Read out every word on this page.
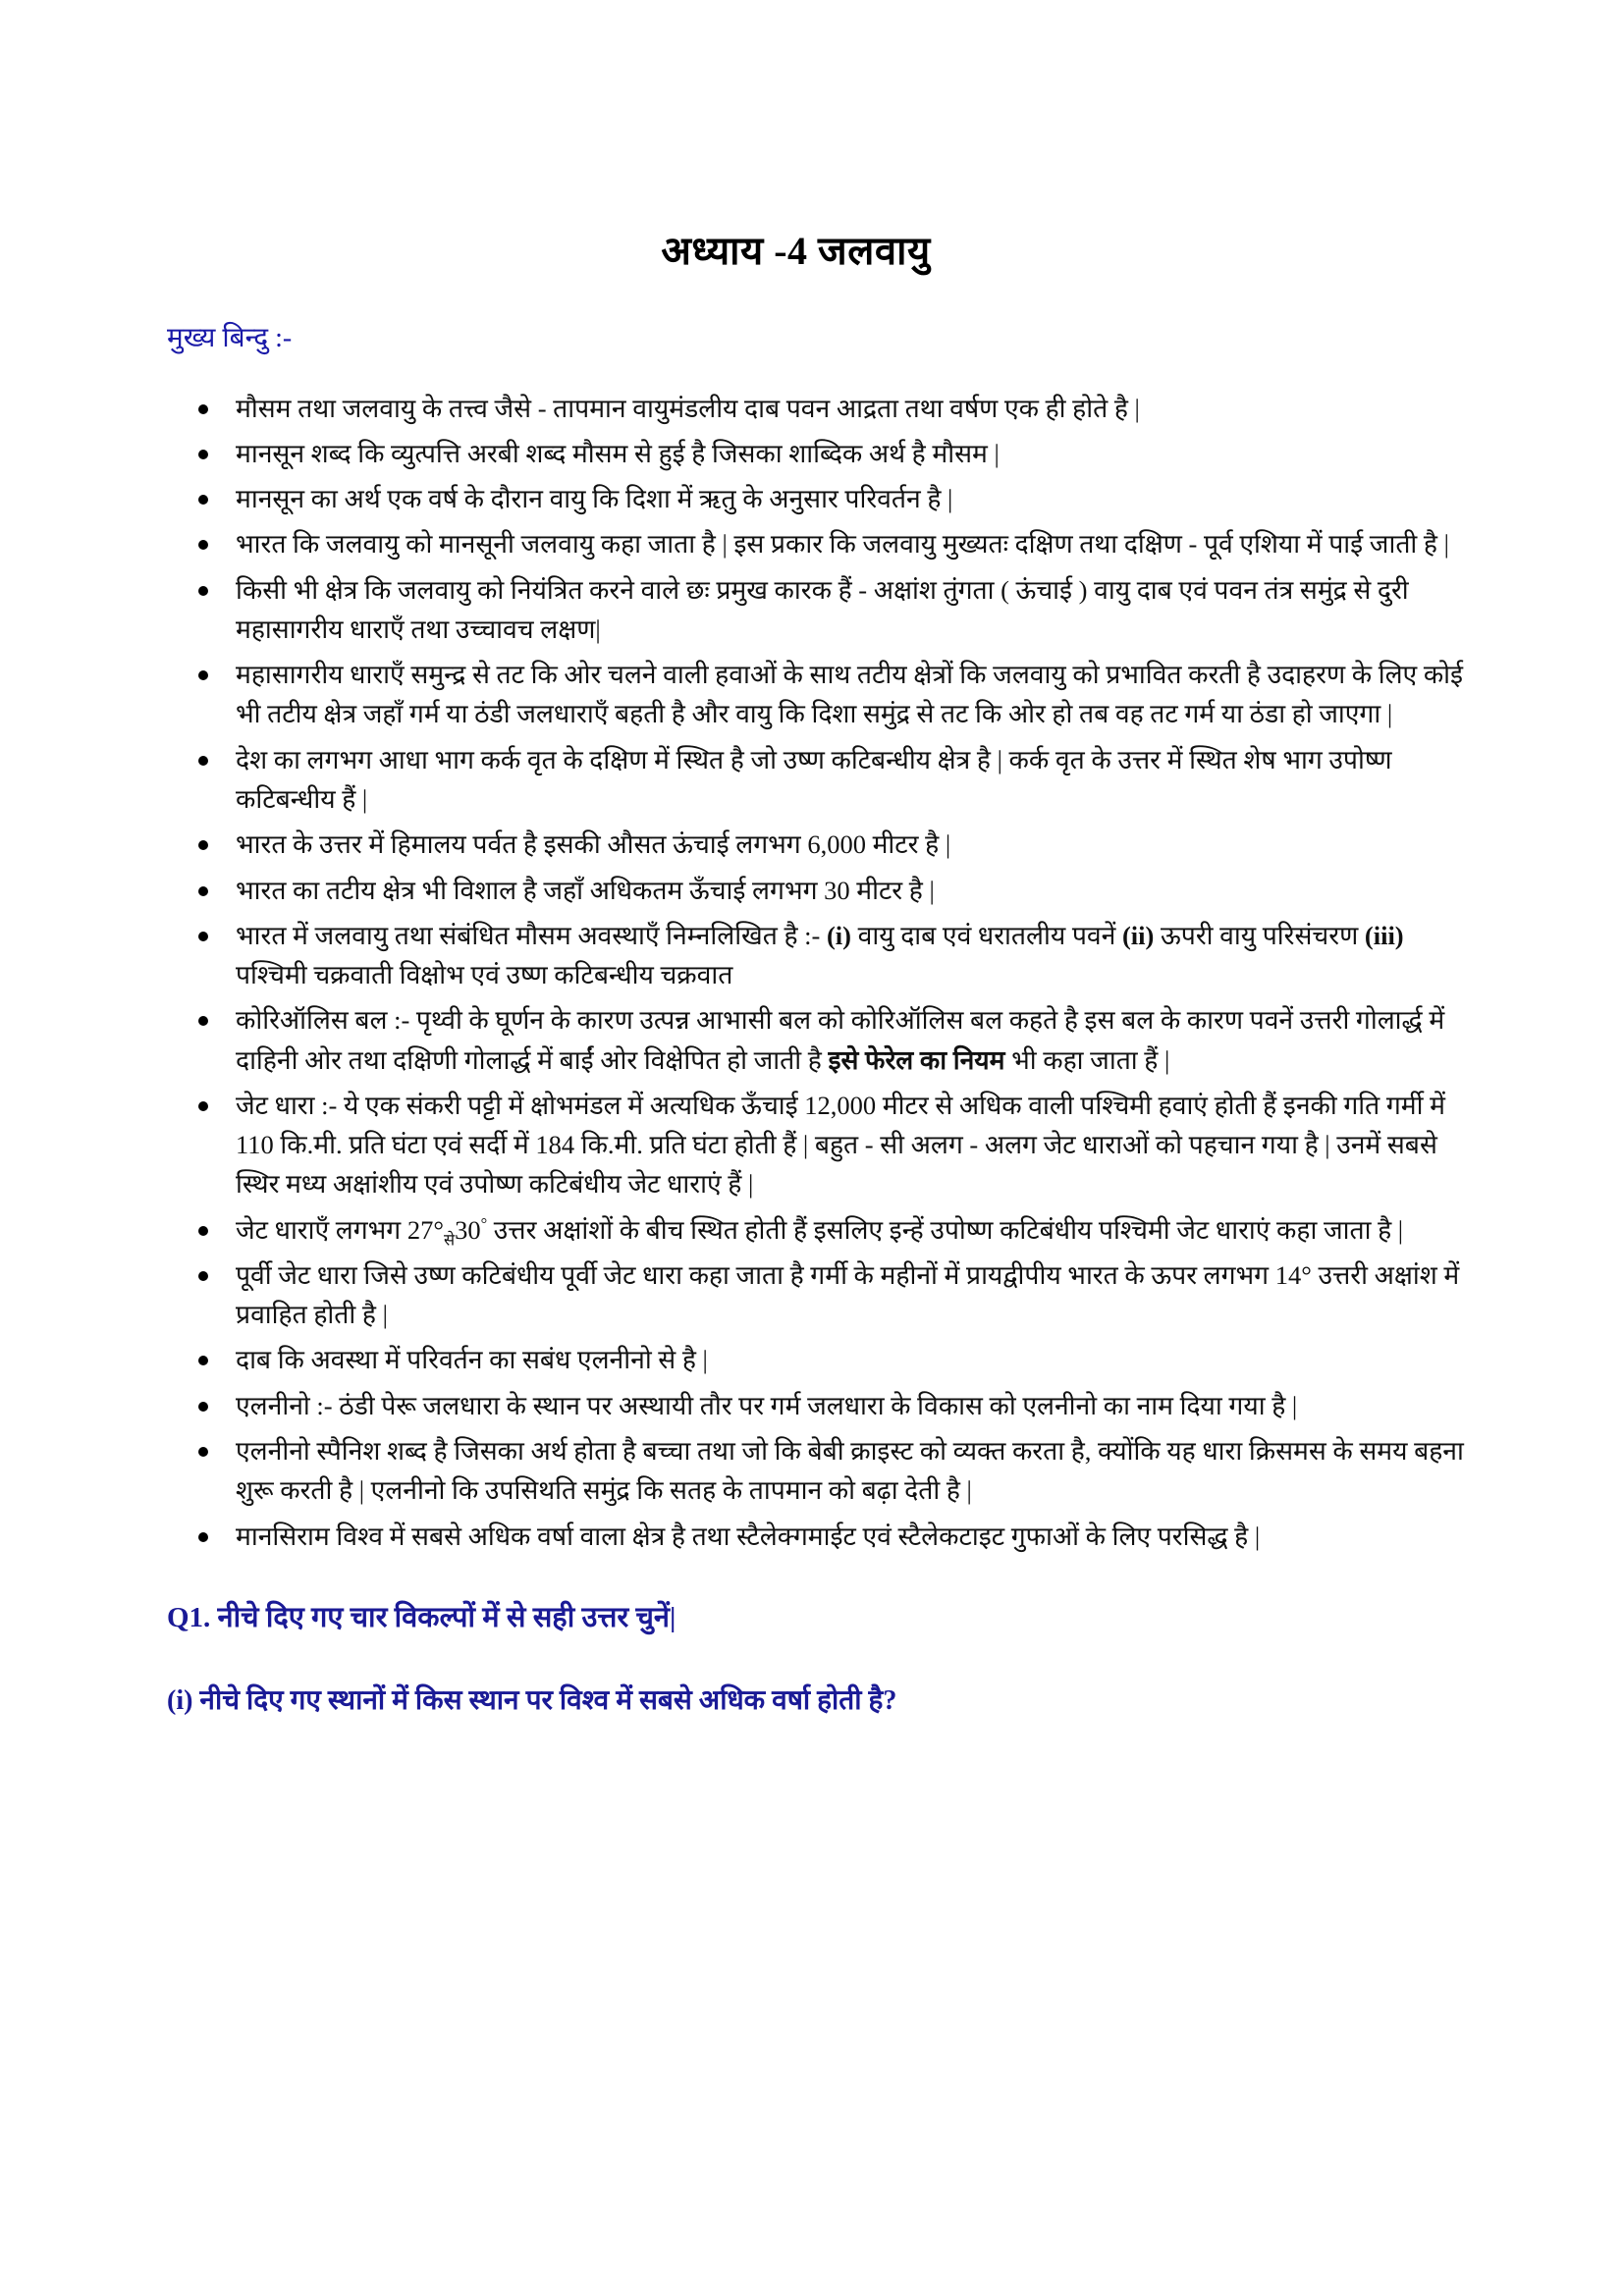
अध्याय -4 जलवायु
मुख्य बिन्दु :-
मौसम तथा जलवायु के तत्त्व जैसे - तापमान वायुमंडलीय दाब पवन आद्रता तथा वर्षण एक ही होते है |
मानसून शब्द कि व्युत्पत्ति अरबी शब्द मौसम से हुई है जिसका शाब्दिक अर्थ है मौसम |
मानसून का अर्थ एक वर्ष के दौरान वायु कि दिशा में ऋतु के अनुसार परिवर्तन है |
भारत कि जलवायु को मानसूनी जलवायु कहा जाता है | इस प्रकार कि जलवायु मुख्यतः दक्षिण तथा दक्षिण - पूर्व एशिया में पाई जाती है |
किसी भी क्षेत्र कि जलवायु को नियंत्रित करने वाले छः प्रमुख कारक हैं - अक्षांश तुंगता ( ऊंचाई ) वायु दाब एवं पवन तंत्र समुंद्र से दुरी महासागरीय धाराएँ तथा उच्चावच लक्षण|
महासागरीय धाराएँ समुन्द्र से तट कि ओर चलने वाली हवाओं के साथ तटीय क्षेत्रों कि जलवायु को प्रभावित करती है उदाहरण के लिए कोई भी तटीय क्षेत्र जहाँ गर्म या ठंडी जलधाराएँ बहती है और वायु कि दिशा समुंद्र से तट कि ओर हो तब वह तट गर्म या ठंडा हो जाएगा |
देश का लगभग आधा भाग कर्क वृत के दक्षिण में स्थित है जो उष्ण कटिबन्धीय क्षेत्र है | कर्क वृत के उत्तर में स्थित शेष भाग उपोष्ण कटिबन्धीय हैं |
भारत के उत्तर में हिमालय पर्वत है इसकी औसत ऊंचाई लगभग 6,000 मीटर है |
भारत का तटीय क्षेत्र भी विशाल है जहाँ अधिकतम ऊँचाई लगभग 30 मीटर है |
भारत में जलवायु तथा संबंधित मौसम अवस्थाएँ निम्नलिखित है :- (i) वायु दाब एवं धरातलीय पवनें (ii) ऊपरी वायु परिसंचरण (iii) पश्चिमी चक्रवाती विक्षोभ एवं उष्ण कटिबन्धीय चक्रवात
कोरिऑलिस बल :- पृथ्वी के घूर्णन के कारण उत्पन्न आभासी बल को कोरिऑलिस बल कहते है इस बल के कारण पवनें उत्तरी गोलार्द्ध में दाहिनी ओर तथा दक्षिणी गोलार्द्ध में बाईं ओर विक्षेपित हो जाती है इसे फेरेल का नियम भी कहा जाता हैं |
जेट धारा :- ये एक संकरी पट्टी में क्षोभमंडल में अत्यधिक ऊँचाई 12,000 मीटर से अधिक वाली पश्चिमी हवाएं होती हैं इनकी गति गर्मी में 110 कि.मी. प्रति घंटा एवं सर्दी में 184 कि.मी. प्रति घंटा होती हैं | बहुत - सी अलग - अलग जेट धाराओं को पहचान गया है | उनमें सबसे स्थिर मध्य अक्षांशीय एवं उपोष्ण कटिबंधीय जेट धाराएं हैं |
जेट धाराएँ लगभग $27^\circ_{से}30^\circ$ उत्तर अक्षांशों के बीच स्थित होती हैं इसलिए इन्हें उपोष्ण कटिबंधीय पश्चिमी जेट धाराएं कहा जाता है |
पूर्वी जेट धारा जिसे उष्ण कटिबंधीय पूर्वी जेट धारा कहा जाता है गर्मी के महीनों में प्रायद्वीपीय भारत के ऊपर लगभग 14° उत्तरी अक्षांश में प्रवाहित होती है |
दाब कि अवस्था में परिवर्तन का सबंध एलनीनो से है |
एलनीनो :- ठंडी पेरू जलधारा के स्थान पर अस्थायी तौर पर गर्म जलधारा के विकास को एलनीनो का नाम दिया गया है |
एलनीनो स्पैनिश शब्द है जिसका अर्थ होता है बच्चा तथा जो कि बेबी क्राइस्ट को व्यक्त करता है, क्योंकि यह धारा क्रिसमस के समय बहना शुरू करती है | एलनीनो कि उपसिथति समुंद्र कि सतह के तापमान को बढ़ा देती है |
मानसिराम विश्व में सबसे अधिक वर्षा वाला क्षेत्र है तथा स्टैलेक्गमाईट एवं स्टैलेकटाइट गुफाओं के लिए परसिद्ध है |
Q1. नीचे दिए गए चार विकल्पों में से सही उत्तर चुनें|
(i) नीचे दिए गए स्थानों में किस स्थान पर विश्व में सबसे अधिक वर्षा होती है?
